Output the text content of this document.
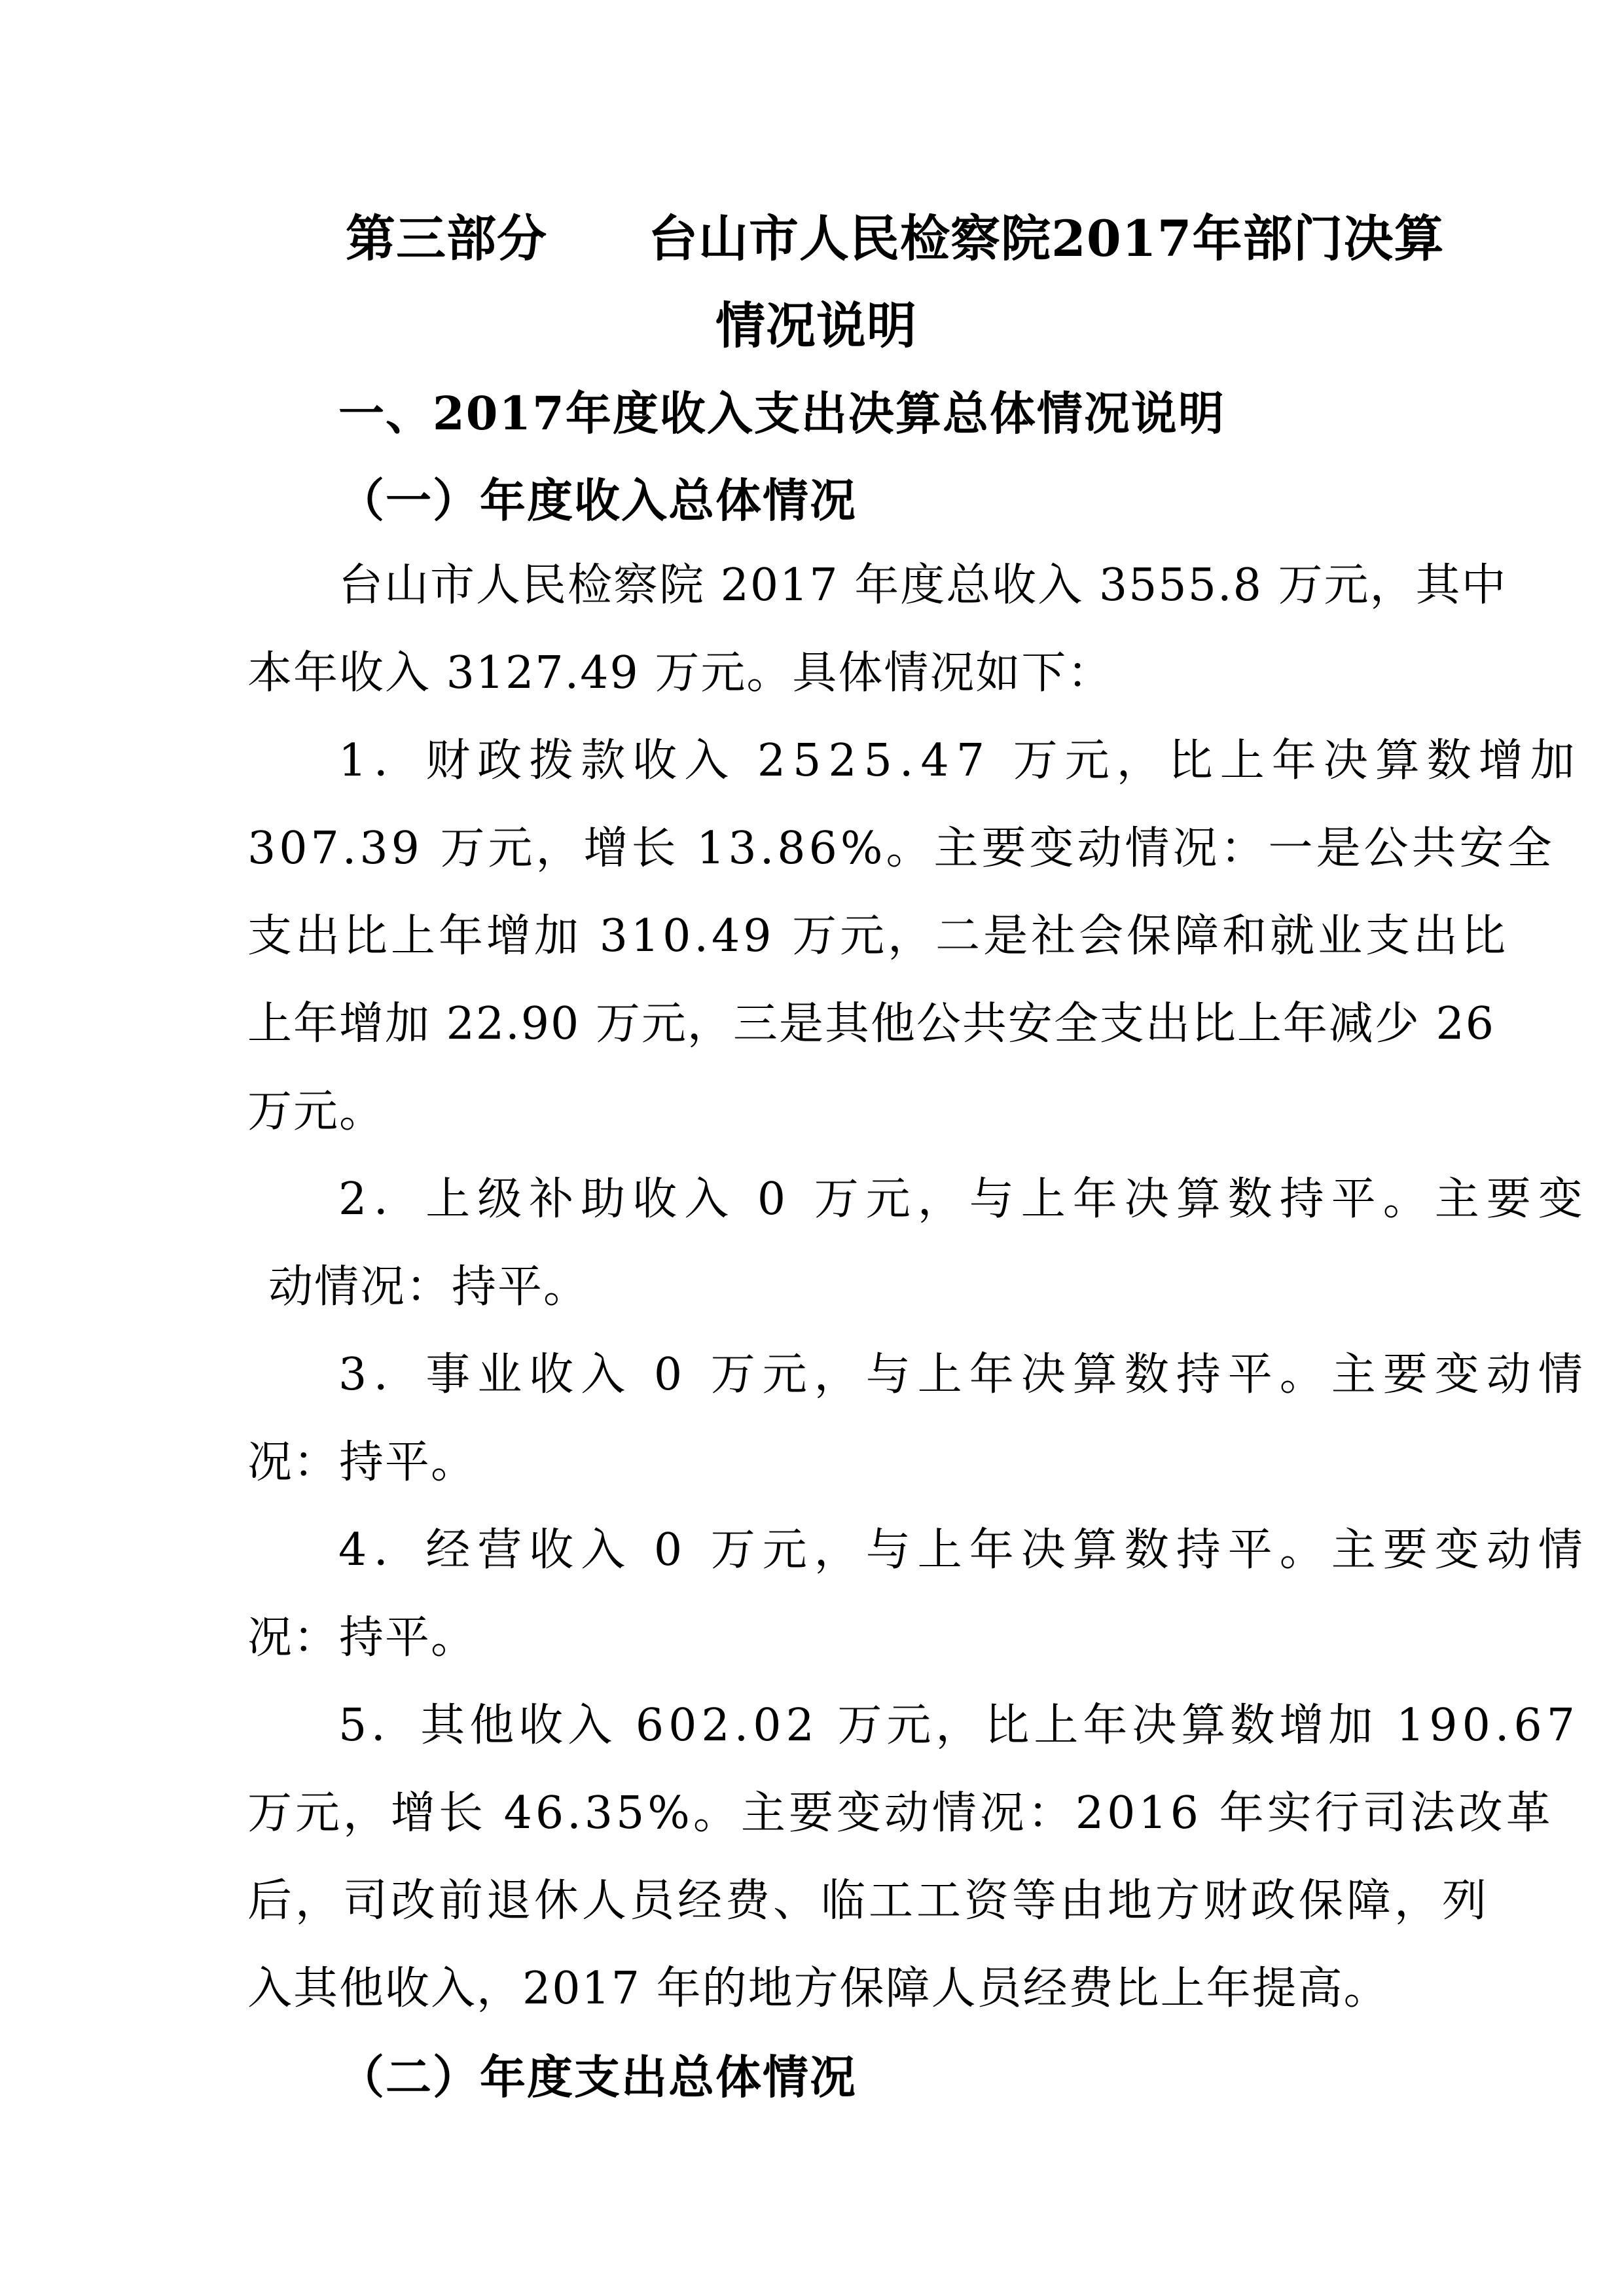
第三部分　　台山市人民检察院2017年部门决算
情况说明
一、2017年度收入支出决算总体情况说明
（一）年度收入总体情况
台山市人民检察院 2017 年度总收入 3555.8 万元，其中
本年收入 3127.49 万元。具体情况如下：
1．财政拨款收入 2525.47 万元，比上年决算数增加
307.39 万元，增长 13.86%。主要变动情况：一是公共安全
支出比上年增加 310.49 万元，二是社会保障和就业支出比
上年增加 22.90 万元，三是其他公共安全支出比上年减少 26
万元。
2．上级补助收入 0 万元，与上年决算数持平。主要变
动情况：持平。
3．事业收入 0 万元，与上年决算数持平。主要变动情
况：持平。
4．经营收入 0 万元，与上年决算数持平。主要变动情
况：持平。
5．其他收入 602.02 万元，比上年决算数增加 190.67
万元，增长 46.35%。主要变动情况：2016 年实行司法改革
后，司改前退休人员经费、临工工资等由地方财政保障，列
入其他收入，2017 年的地方保障人员经费比上年提高。
（二）年度支出总体情况
